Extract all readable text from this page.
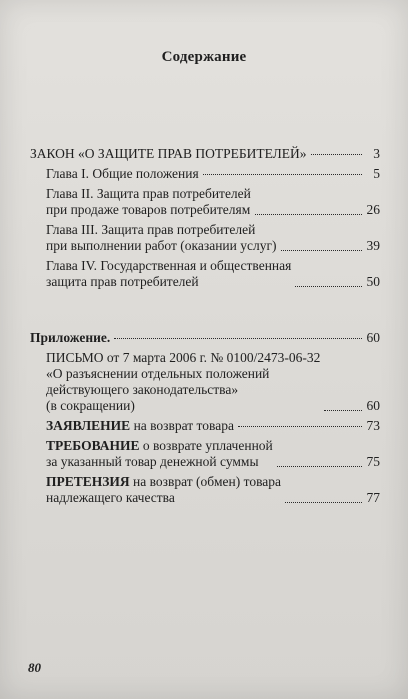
Содержание
ЗАКОН «О ЗАЩИТЕ ПРАВ ПОТРЕБИТЕЛЕЙ»	3
Глава I. Общие положения	5
Глава II. Защита прав потребителей
при продаже товаров потребителям	26
Глава III. Защита прав потребителей
при выполнении работ (оказании услуг)	39
Глава IV. Государственная и общественная
защита прав потребителей	50
Приложение.	60
ПИСЬМО от 7 марта 2006 г. № 0100/2473-06-32
«О разъяснении отдельных положений
действующего законодательства»
(в сокращении)	60
ЗАЯВЛЕНИЕ на возврат товара	73
ТРЕБОВАНИЕ о возврате уплаченной
за указанный товар денежной суммы	75
ПРЕТЕНЗИЯ на возврат (обмен) товара
надлежащего качества	77
80
